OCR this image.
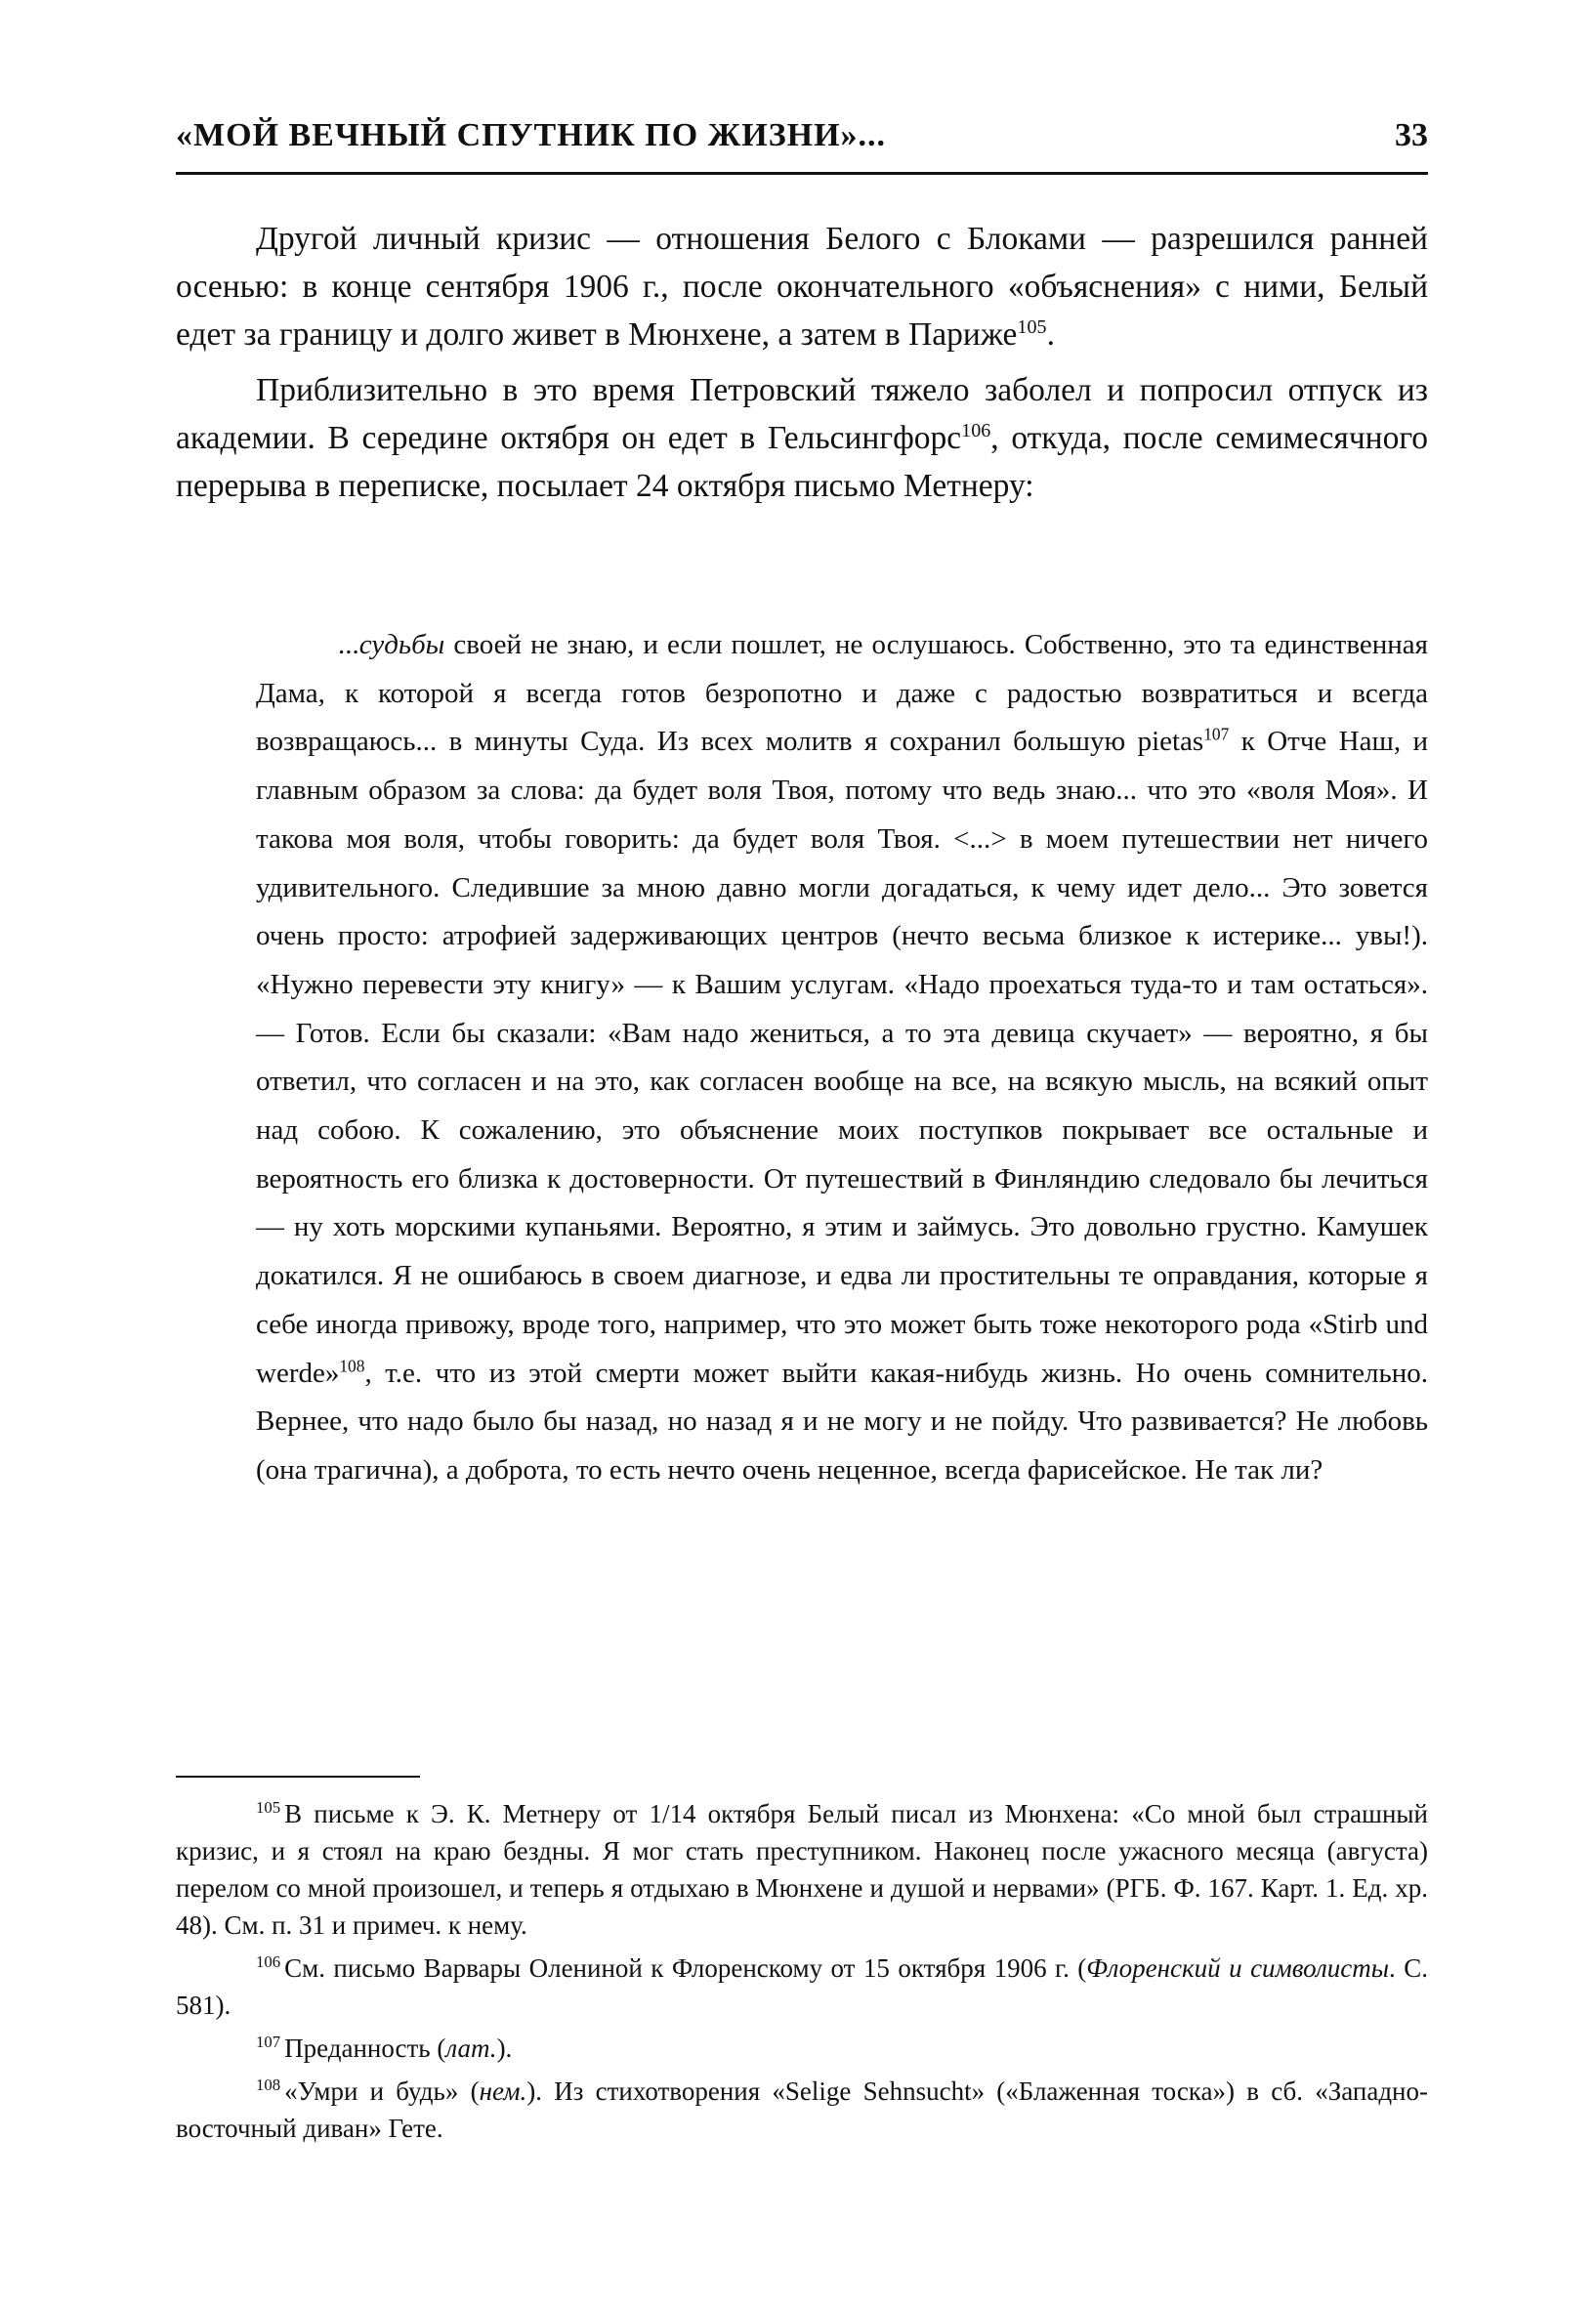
«МОЙ ВЕЧНЫЙ СПУТНИК ПО ЖИЗНИ»...	33

Другой личный кризис — отношения Белого с Блоками — разрешился ранней осенью: в конце сентября 1906 г., после окончательного «объяснения» с ними, Белый едет за границу и долго живет в Мюнхене, а затем в Париже$^{105}$.

Приблизительно в это время Петровский тяжело заболел и попросил отпуск из академии. В середине октября он едет в Гельсингфорс$^{106}$, откуда, после семимесячного перерыва в переписке, посылает 24 октября письмо Метнеру:

...судьбы своей не знаю, и если пошлет, не ослушаюсь. Собственно, это та единственная Дама, к которой я всегда готов безропотно и даже с радостью возвратиться и всегда возвращаюсь... в минуты Суда. Из всех молитв я сохранил большую pietas$^{107}$ к Отче Наш, и главным образом за слова: да будет воля Твоя, потому что ведь знаю... что это «воля Моя». И такова моя воля, чтобы говорить: да будет воля Твоя. <...> в моем путешествии нет ничего удивительного. Следившие за мною давно могли догадаться, к чему идет дело... Это зовется очень просто: атрофией задерживающих центров (нечто весьма близкое к истерике... увы!). «Нужно перевести эту книгу» — к Вашим услугам. «Надо проехаться туда-то и там остаться». — Готов. Если бы сказали: «Вам надо жениться, а то эта девица скучает» — вероятно, я бы ответил, что согласен и на это, как согласен вообще на все, на всякую мысль, на всякий опыт над собою. К сожалению, это объяснение моих поступков покрывает все остальные и вероятность его близка к достоверности. От путешествий в Финляндию следовало бы лечиться — ну хоть морскими купаньями. Вероятно, я этим и займусь. Это довольно грустно. Камушек докатился. Я не ошибаюсь в своем диагнозе, и едва ли простительны те оправдания, которые я себе иногда привожу, вроде того, например, что это может быть тоже некоторого рода «Stirb und werde»$^{108}$, т.е. что из этой смерти может выйти какая-нибудь жизнь. Но очень сомнительно. Вернее, что надо было бы назад, но назад я и не могу и не пойду. Что развивается? Не любовь (она трагична), а доброта, то есть нечто очень неценное, всегда фарисейское. Не так ли?

$^{105}$ В письме к Э. К. Метнеру от 1/14 октября Белый писал из Мюнхена: «Со мной был страшный кризис, и я стоял на краю бездны. Я мог стать преступником. Наконец после ужасного месяца (августа) перелом со мной произошел, и теперь я отдыхаю в Мюнхене и душой и нервами» (РГБ. Ф. 167. Карт. 1. Ед. хр. 48). См. п. 31 и примеч. к нему.

$^{106}$ См. письмо Варвары Олениной к Флоренскому от 15 октября 1906 г. (Флоренский и символисты. С. 581).

$^{107}$ Преданность (лат.).

$^{108}$ «Умри и будь» (нем.). Из стихотворения «Selige Sehnsucht» («Блаженная тоска») в сб. «Западно-восточный диван» Гете.
